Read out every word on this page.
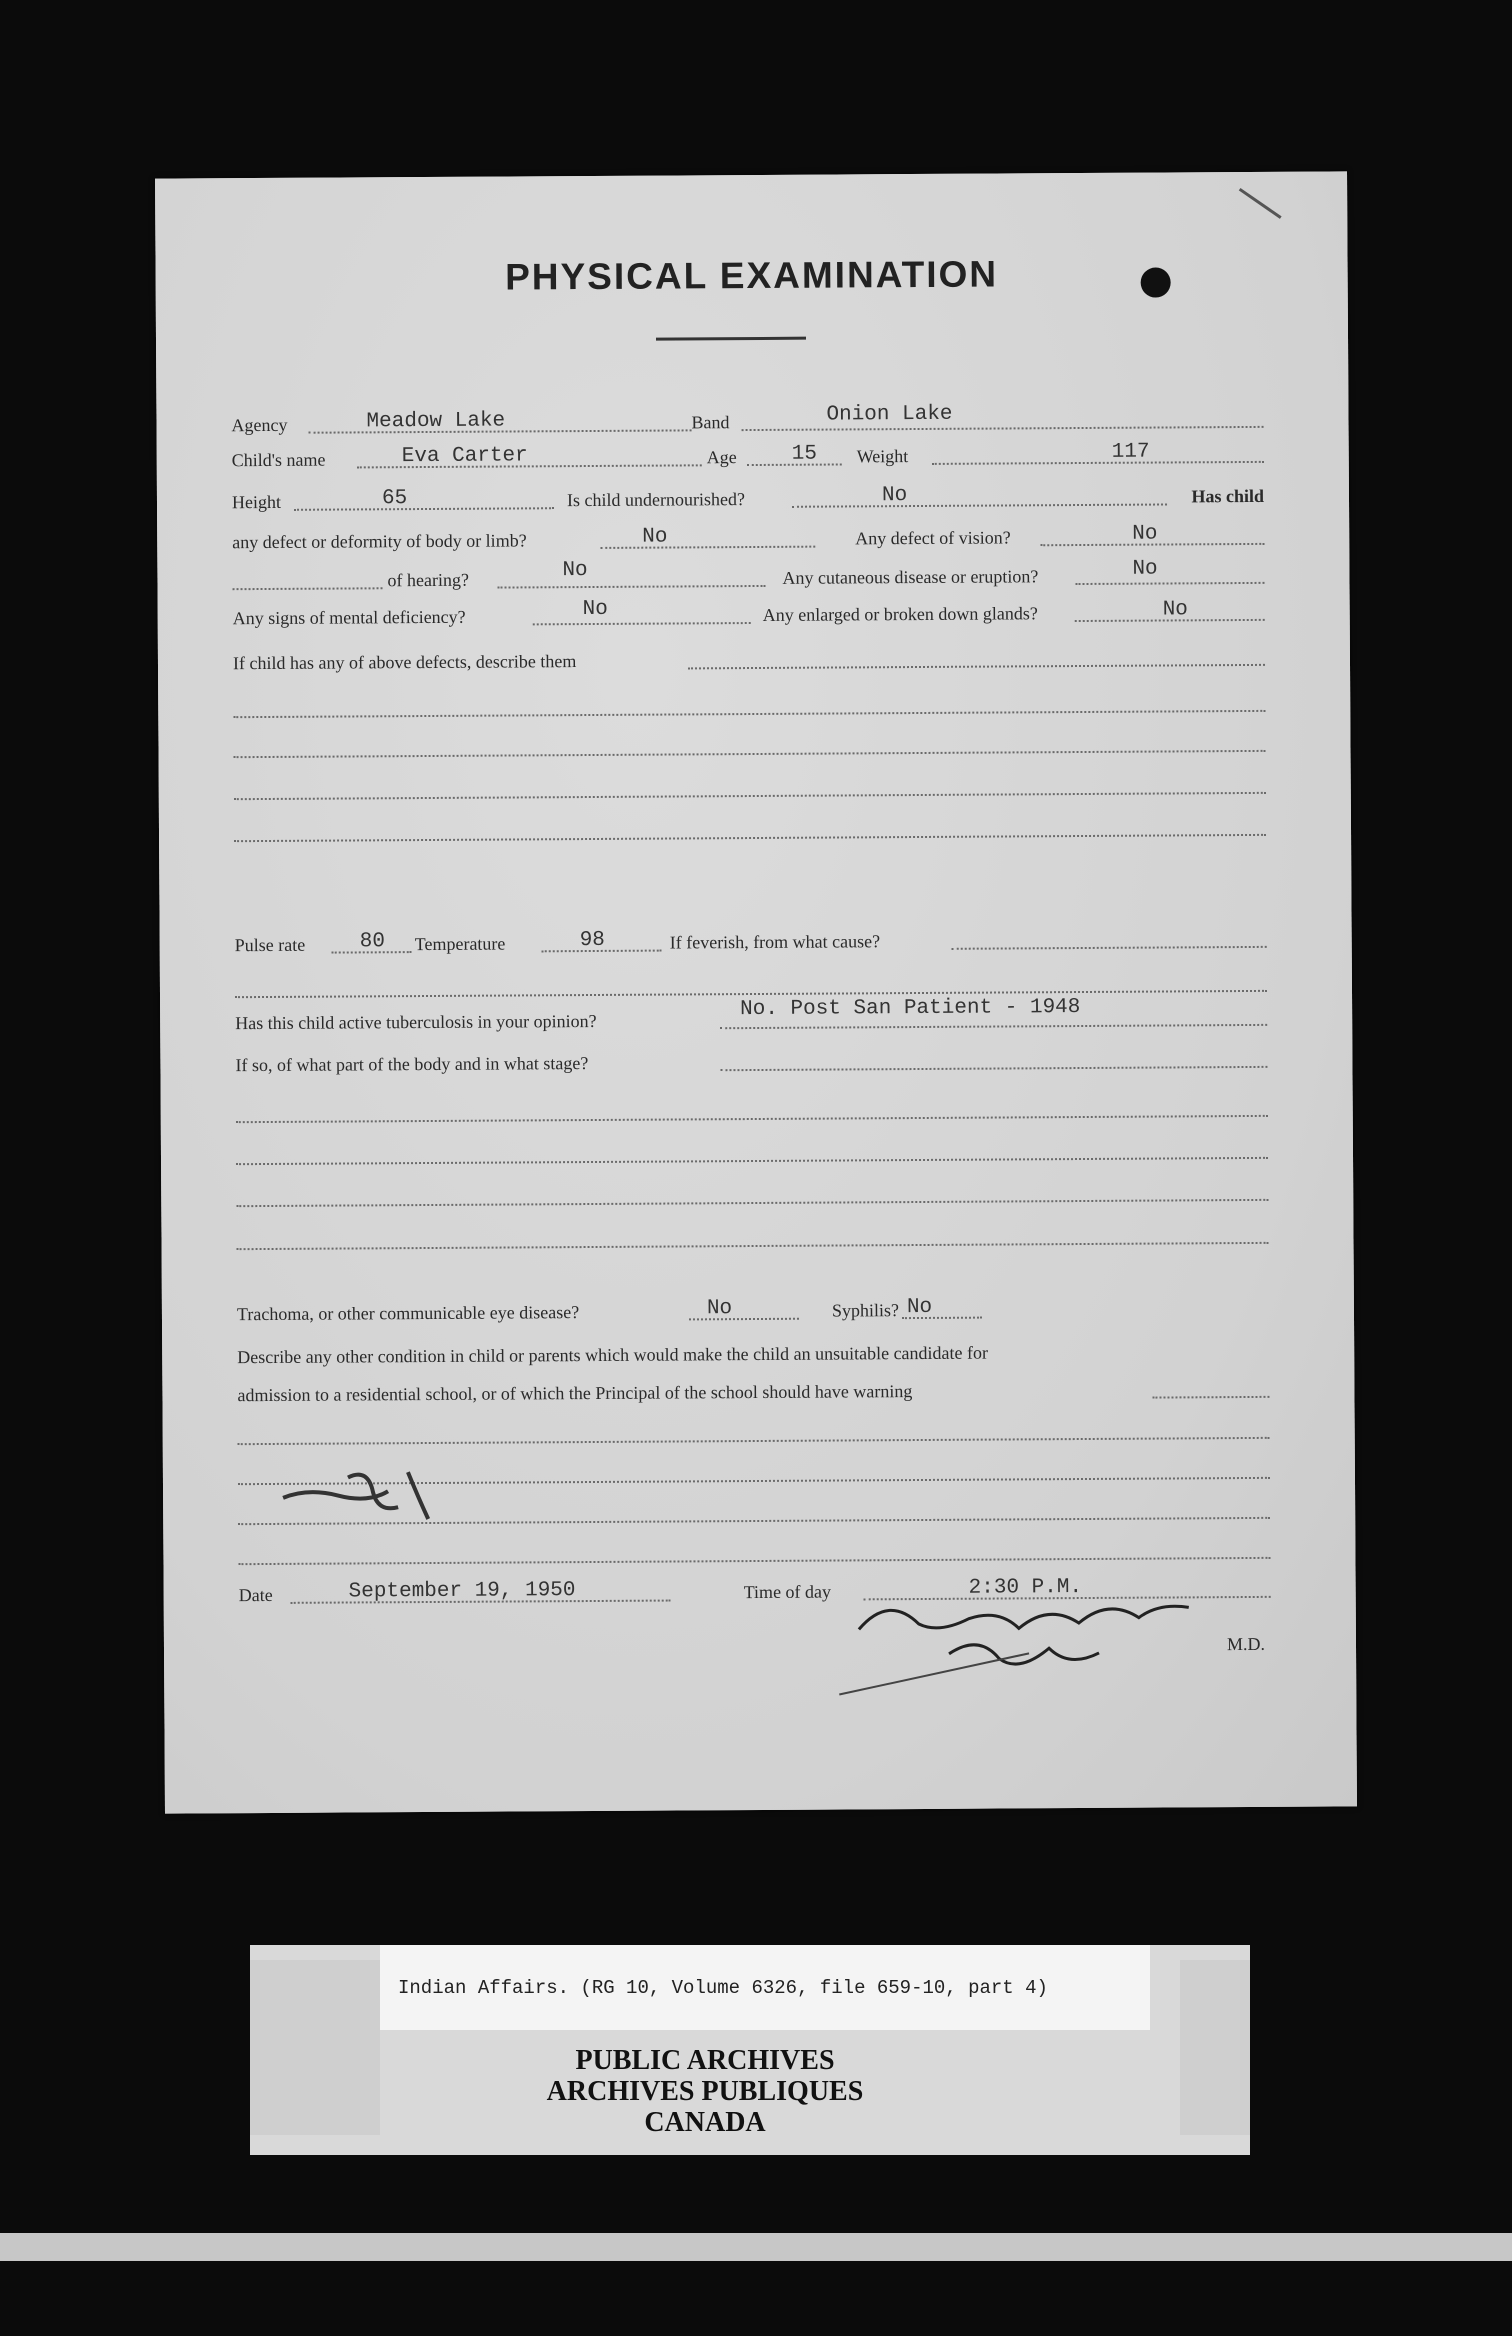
PHYSICAL EXAMINATION
Agency	Meadow Lake	Band	Onion Lake
Child's name	Eva Carter	Age	15 Weight	117
Height	65	Is child undernourished?	No	Has child
any defect or deformity of body or limb?	No	Any defect of vision?	No
of hearing?	No	Any cutaneous disease or eruption?	No
Any signs of mental deficiency?	No	Any enlarged or broken down glands?	No
If child has any of above defects, describe them
Pulse rate	80 Temperature	98	If feverish, from what cause?
Has this child active tuberculosis in your opinion?
No. Post San Patient - 1948
If so, of what part of the body and in what stage?
Trachoma, or other communicable eye disease?	No	Syphilis? No
Describe any other condition in child or parents which would make the child an unsuitable candidate for
admission to a residential school, or of which the Principal of the school should have warning
Date	September 19, 1950	Time of day	2:30 P.M.
M.D.
Indian Affairs. (RG 10, Volume 6326, file 659-10, part 4)
PUBLIC ARCHIVES
ARCHIVES PUBLIQUES
CANADA
